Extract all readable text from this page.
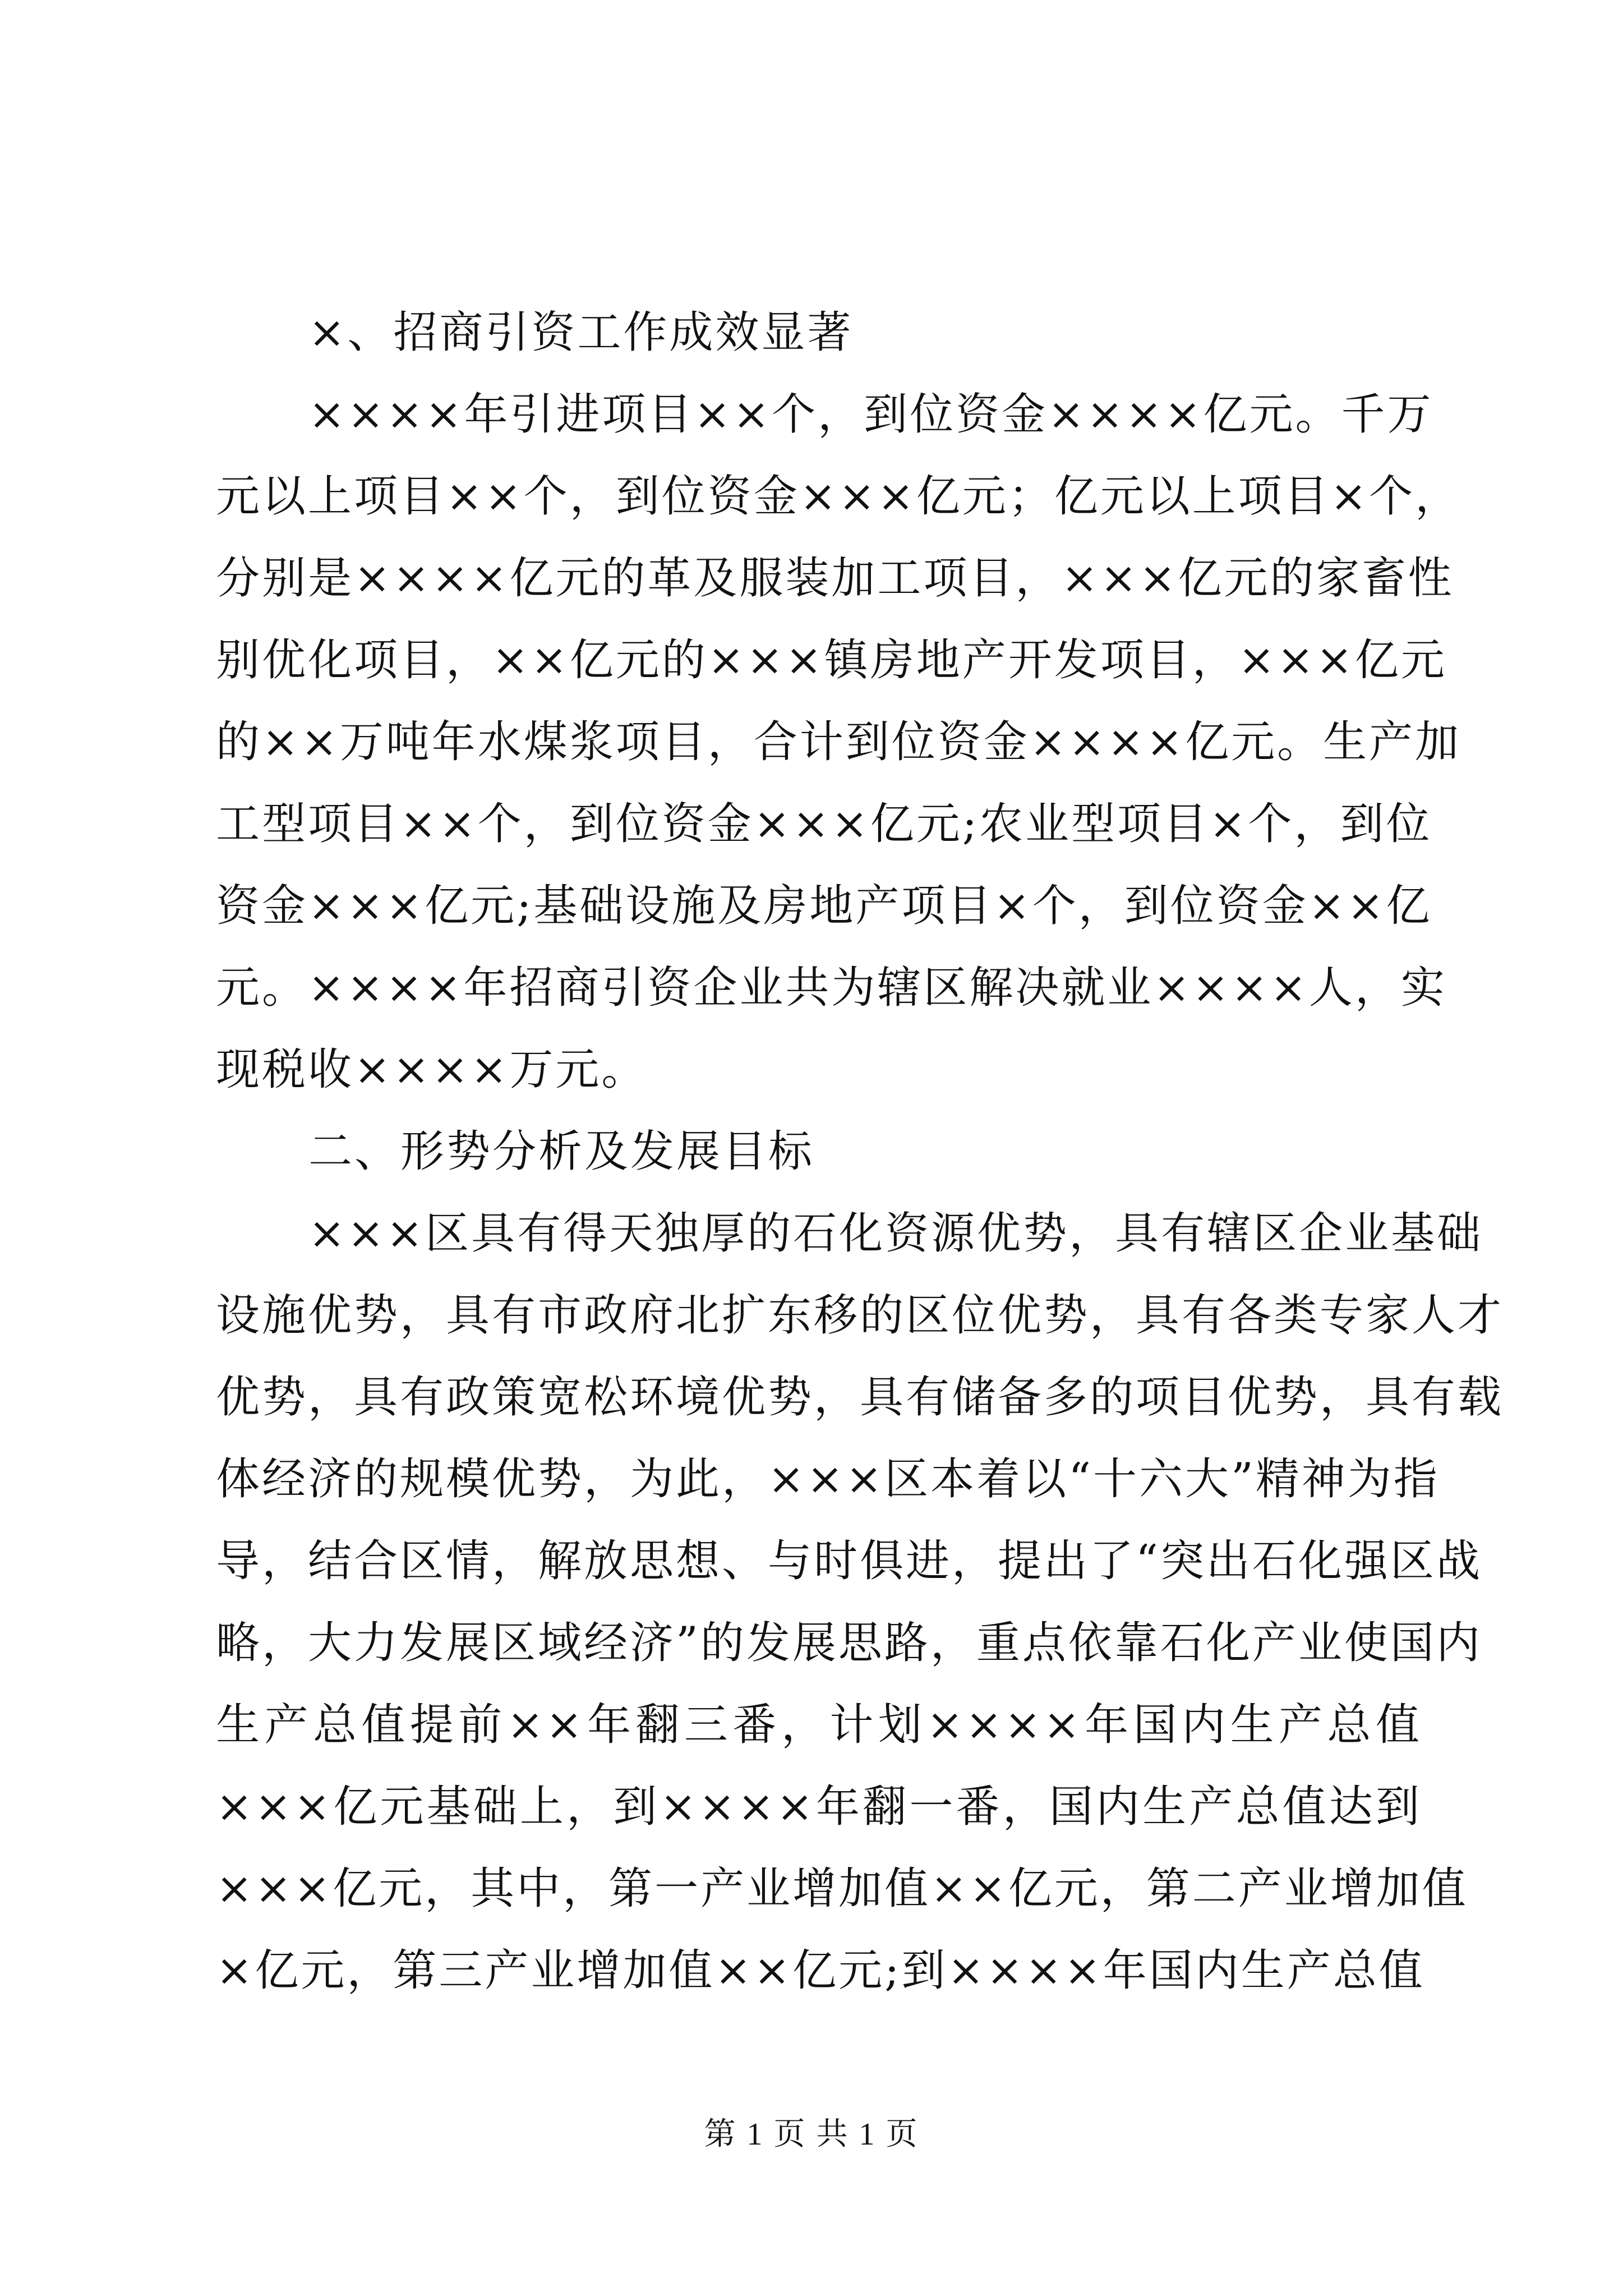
×、招商引资工作成效显著
××××年引进项目××个，到位资金××××亿元。千万
元以上项目××个，到位资金×××亿元；亿元以上项目×个，
分别是××××亿元的革及服装加工项目，×××亿元的家畜性
别优化项目，××亿元的×××镇房地产开发项目，×××亿元
的××万吨年水煤浆项目，合计到位资金××××亿元。生产加
工型项目××个，到位资金×××亿元;农业型项目×个，到位
资金×××亿元;基础设施及房地产项目×个，到位资金××亿
元。××××年招商引资企业共为辖区解决就业××××人，实
现税收××××万元。
二、形势分析及发展目标
×××区具有得天独厚的石化资源优势，具有辖区企业基础
设施优势，具有市政府北扩东移的区位优势，具有各类专家人才
优势，具有政策宽松环境优势，具有储备多的项目优势，具有载
体经济的规模优势，为此，×××区本着以“十六大”精神为指
导，结合区情，解放思想、与时俱进，提出了“突出石化强区战
略，大力发展区域经济”的发展思路，重点依靠石化产业使国内
生产总值提前××年翻三番，计划××××年国内生产总值
×××亿元基础上，到××××年翻一番，国内生产总值达到
×××亿元，其中，第一产业增加值××亿元，第二产业增加值
×亿元，第三产业增加值××亿元;到××××年国内生产总值
第 1 页 共 1 页
